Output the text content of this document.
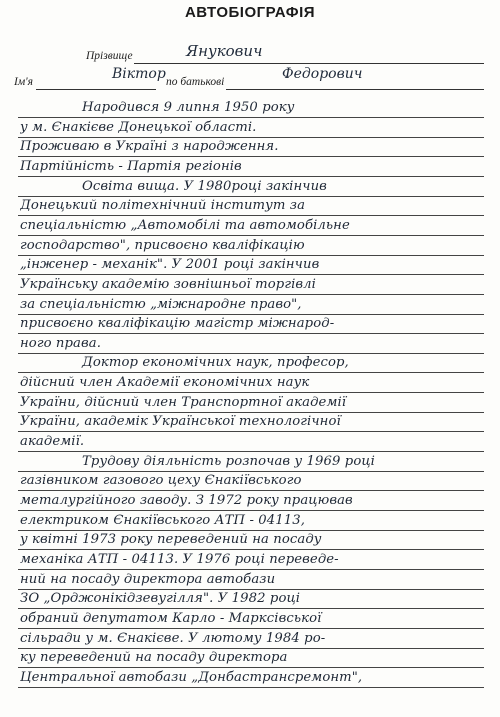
АВТОБІОГРАФІЯ
Прізвище	Янукович
Ім'я	Віктор по батькові	Федорович
Народився 9 липня 1950 року
у м. Єнакієве Донецької області.
Проживаю в Україні з народження.
Партійність - Партія регіонів
Освіта вища. У 1980році закінчив
Донецький політехнічний інститут за
спеціальністю „Автомобілі та автомобільне
господарство", присвоєно кваліфікацію
„інженер - механік". У 2001 році закінчив
Українську академію зовнішньої торгівлі
за спеціальністю „міжнародне право",
присвоєно кваліфікацію магістр міжнарод-
ного права.
Доктор економічних наук, професор,
дійсний член Академії економічних наук
України, дійсний член Транспортної академії
України, академік Української технологічної
академії.
Трудову діяльність розпочав у 1969 році
газівником газового цеху Єнакіївського
металургійного заводу. З 1972 року працював
електриком Єнакіївського АТП - 04113,
у квітні 1973 року переведений на посаду
механіка АТП - 04113. У 1976 році переведе-
ний на посаду директора автобази
ЗО „Орджонікідзевугілля". У 1982 році
обраний депутатом Карло - Марксівської
сільради у м. Єнакієве. У лютому 1984 ро-
ку переведений на посаду директора
Центральної автобази „Донбастрансремонт",
